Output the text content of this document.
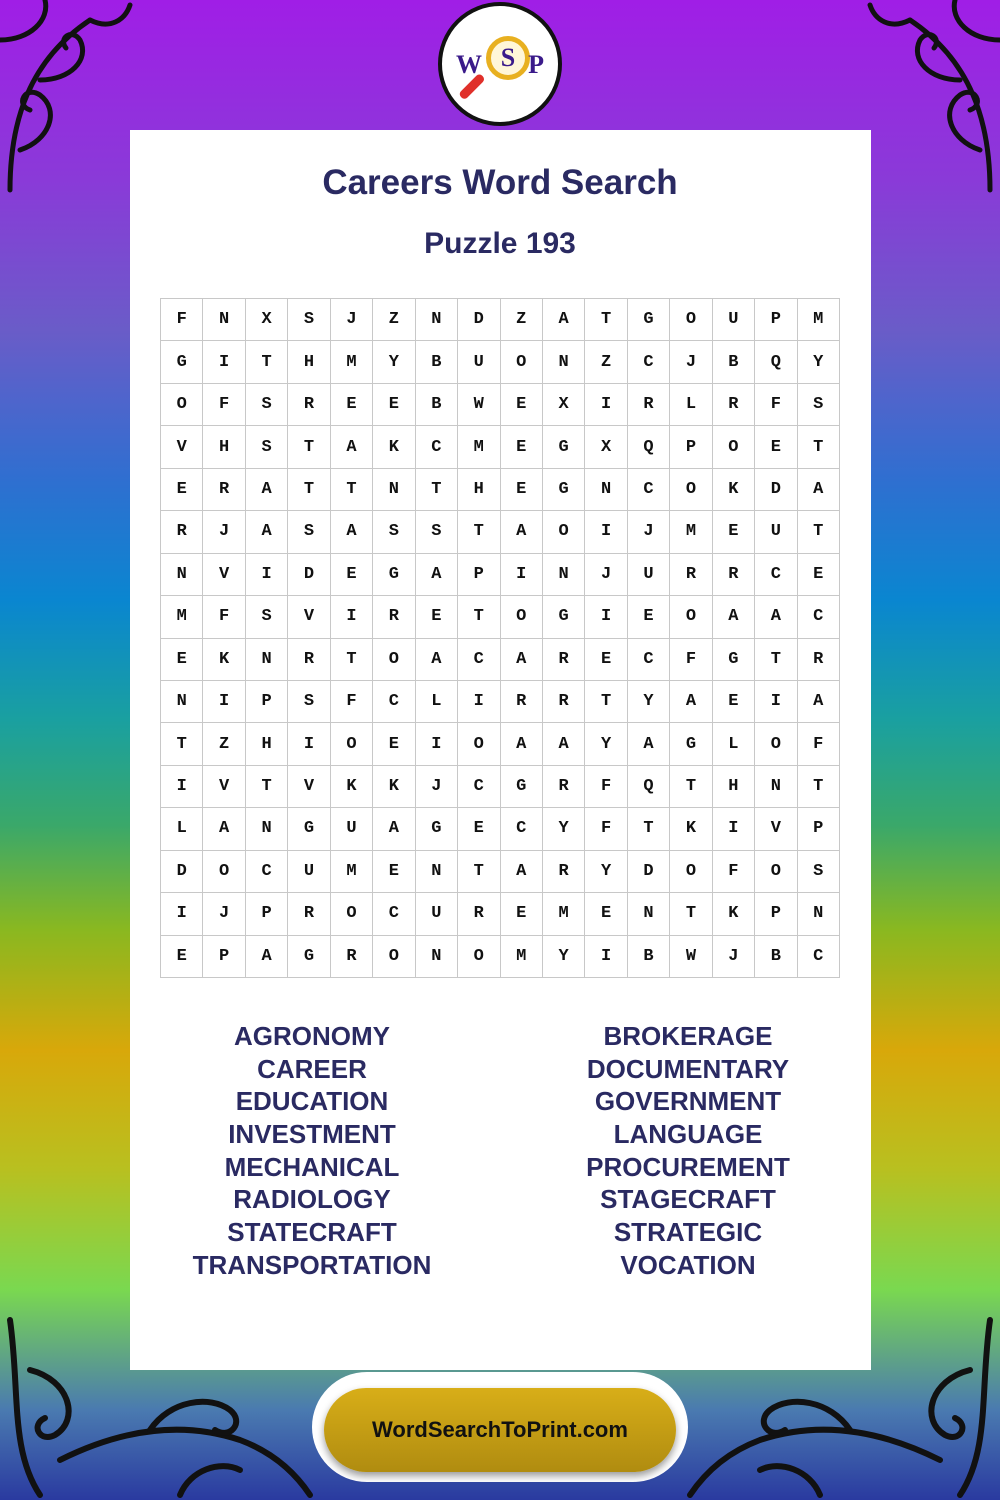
W S P
Careers Word Search
Puzzle 193
F	N	X	S	J	Z	N	D	Z	A	T	G	O	U	P	M
G	I	T	H	M	Y	B	U	O	N	Z	C	J	B	Q	Y
O	F	S	R	E	E	B	W	E	X	I	R	L	R	F	S
V	H	S	T	A	K	C	M	E	G	X	Q	P	O	E	T
E	R	A	T	T	N	T	H	E	G	N	C	O	K	D	A
R	J	A	S	A	S	S	T	A	O	I	J	M	E	U	T
N	V	I	D	E	G	A	P	I	N	J	U	R	R	C	E
M	F	S	V	I	R	E	T	O	G	I	E	O	A	A	C
E	K	N	R	T	O	A	C	A	R	E	C	F	G	T	R
N	I	P	S	F	C	L	I	R	R	T	Y	A	E	I	A
T	Z	H	I	O	E	I	O	A	A	Y	A	G	L	O	F
I	V	T	V	K	K	J	C	G	R	F	Q	T	H	N	T
L	A	N	G	U	A	G	E	C	Y	F	T	K	I	V	P
D	O	C	U	M	E	N	T	A	R	Y	D	O	F	O	S
I	J	P	R	O	C	U	R	E	M	E	N	T	K	P	N
E	P	A	G	R	O	N	O	M	Y	I	B	W	J	B	C
AGRONOMY
CAREER
EDUCATION
INVESTMENT
MECHANICAL
RADIOLOGY
STATECRAFT
TRANSPORTATION
BROKERAGE
DOCUMENTARY
GOVERNMENT
LANGUAGE
PROCUREMENT
STAGECRAFT
STRATEGIC
VOCATION
WordSearchToPrint.com
